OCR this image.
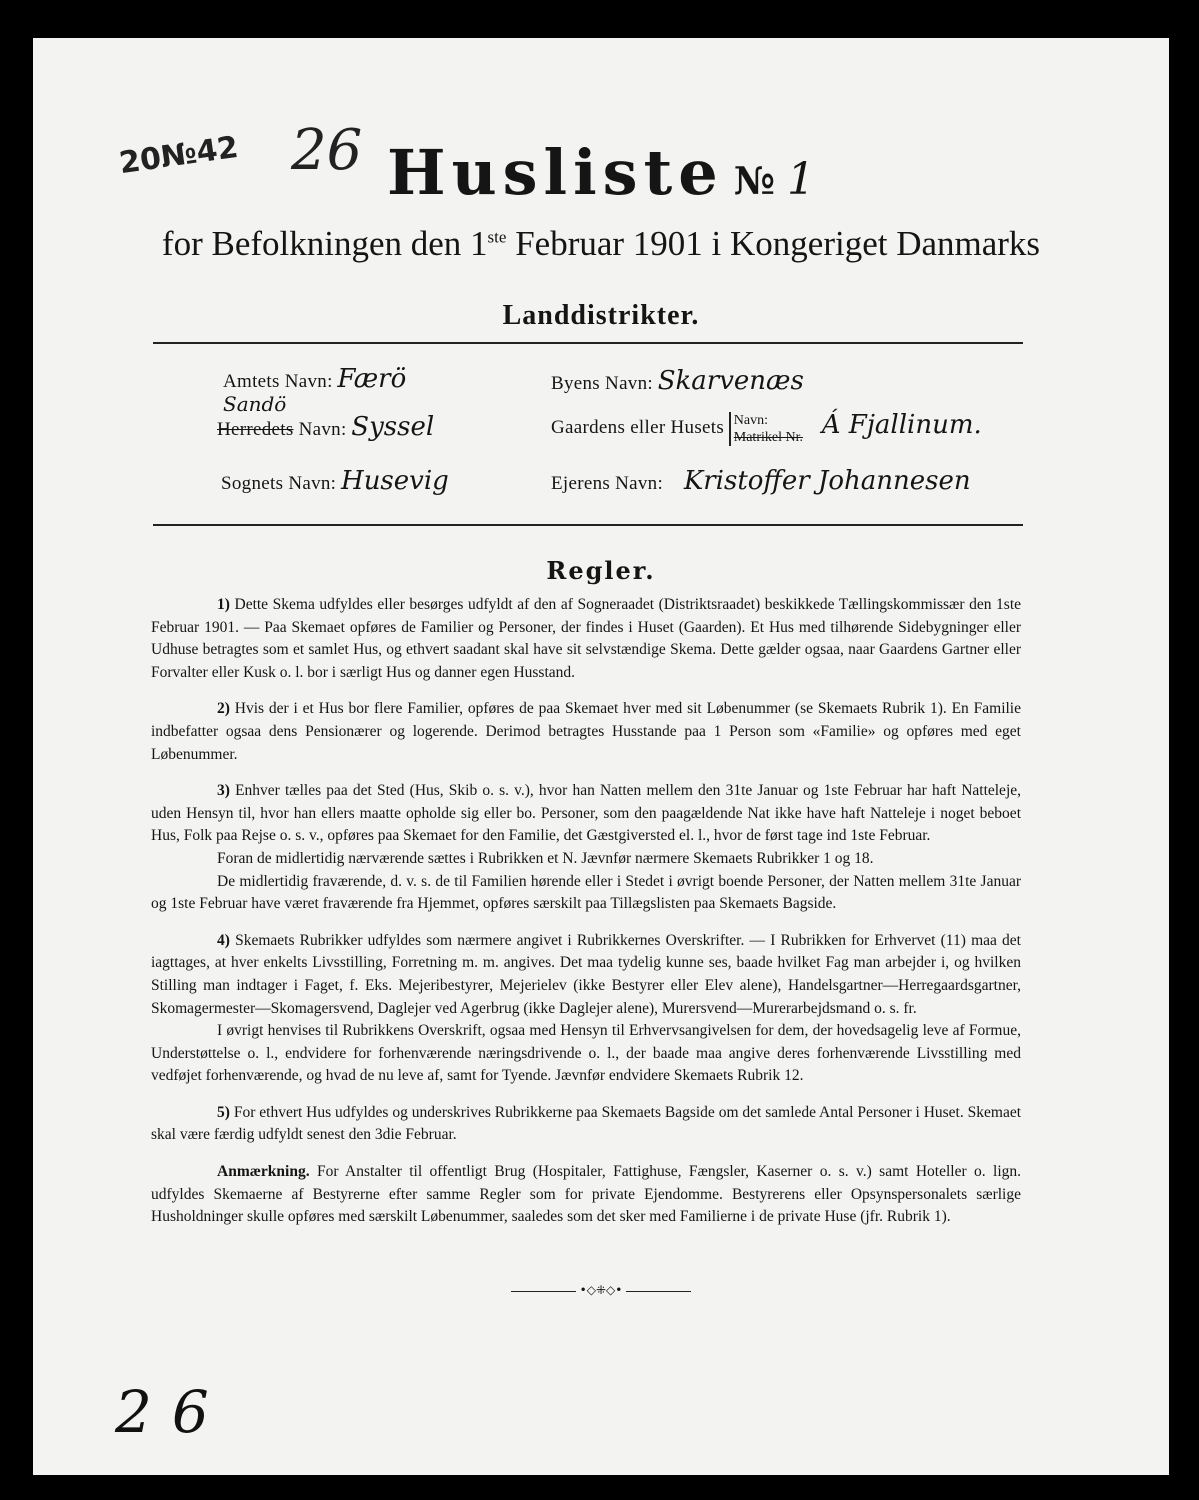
20№42 26 Husliste № 1
for Befolkningen den 1ste Februar 1901 i Kongeriget Danmarks
Landdistrikter.
Amtets Navn: Færö
Sandö
Herredets Navn: Syssel
Sognets Navn: Husevig
Byens Navn: Skarvenæs
Gaardens eller Husets Navn:
Matrikel Nr. Á Fjallinum.
Ejerens Navn: Kristoffer Johannesen
Regler.

1) Dette Skema udfyldes eller besørges udfyldt af den af Sogneraadet (Distriktsraadet) beskikkede Tællingskommissær den 1ste Februar 1901. — Paa Skemaet opføres de Familier og Personer, der findes i Huset (Gaarden). Et Hus med tilhørende Sidebygninger eller Udhuse betragtes som et samlet Hus, og ethvert saadant skal have sit selvstændige Skema. Dette gælder ogsaa, naar Gaardens Gartner eller Forvalter eller Kusk o. l. bor i særligt Hus og danner egen Husstand.

2) Hvis der i et Hus bor flere Familier, opføres de paa Skemaet hver med sit Løbenummer (se Skemaets Rubrik 1). En Familie indbefatter ogsaa dens Pensionærer og logerende. Derimod betragtes Husstande paa 1 Person som «Familie» og opføres med eget Løbenummer.

3) Enhver tælles paa det Sted (Hus, Skib o. s. v.), hvor han Natten mellem den 31te Januar og 1ste Februar har haft Natteleje, uden Hensyn til, hvor han ellers maatte opholde sig eller bo. Personer, som den paagældende Nat ikke have haft Natteleje i noget beboet Hus, Folk paa Rejse o. s. v., opføres paa Skemaet for den Familie, det Gæstgiversted el. l., hvor de først tage ind 1ste Februar.

Foran de midlertidig nærværende sættes i Rubrikken et N. Jævnfør nærmere Skemaets Rubrikker 1 og 18.

De midlertidig fraværende, d. v. s. de til Familien hørende eller i Stedet i øvrigt boende Personer, der Natten mellem 31te Januar og 1ste Februar have været fraværende fra Hjemmet, opføres særskilt paa Tillægslisten paa Skemaets Bagside.

4) Skemaets Rubrikker udfyldes som nærmere angivet i Rubrikkernes Overskrifter. — I Rubrikken for Erhvervet (11) maa det iagttages, at hver enkelts Livsstilling, Forretning m. m. angives. Det maa tydelig kunne ses, baade hvilket Fag man arbejder i, og hvilken Stilling man indtager i Faget, f. Eks. Mejeribestyrer, Mejerielev (ikke Bestyrer eller Elev alene), Handelsgartner—Herregaardsgartner, Skomagermester—Skomagersvend, Daglejer ved Agerbrug (ikke Daglejer alene), Murersvend—Murerarbejdsmand o. s. fr.

I øvrigt henvises til Rubrikkens Overskrift, ogsaa med Hensyn til Erhvervsangivelsen for dem, der hovedsagelig leve af Formue, Understøttelse o. l., endvidere for forhenværende næringsdrivende o. l., der baade maa angive deres forhenværende Livsstilling med vedføjet forhenværende, og hvad de nu leve af, samt for Tyende. Jævnfør endvidere Skemaets Rubrik 12.

5) For ethvert Hus udfyldes og underskrives Rubrikkerne paa Skemaets Bagside om det samlede Antal Personer i Huset. Skemaet skal være færdig udfyldt senest den 3die Februar.

Anmærkning. For Anstalter til offentligt Brug (Hospitaler, Fattighuse, Fængsler, Kaserner o. s. v.) samt Hoteller o. lign. udfyldes Skemaerne af Bestyrerne efter samme Regler som for private Ejendomme. Bestyrerens eller Opsynspersonalets særlige Husholdninger skulle opføres med særskilt Løbenummer, saaledes som det sker med Familierne i de private Huse (jfr. Rubrik 1).

•◇⁜◇•
26
